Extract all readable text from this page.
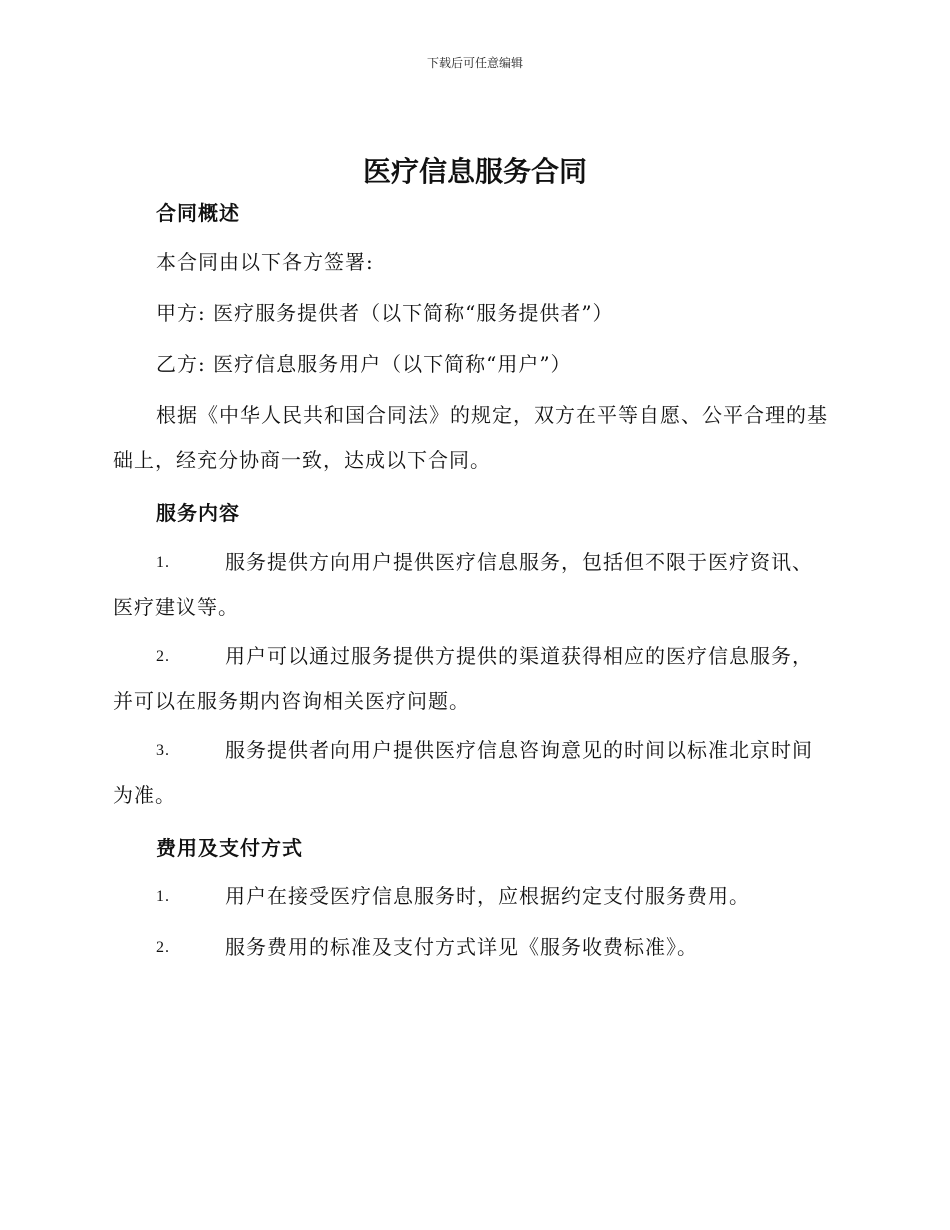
下载后可任意编辑
医疗信息服务合同
合同概述
本合同由以下各方签署:
甲方: 医疗服务提供者（以下简称“服务提供者”）
乙方: 医疗信息服务用户（以下简称“用户”）
根据《中华人民共和国合同法》的规定，双方在平等自愿、公平合理的基础上，经充分协商一致，达成以下合同。
服务内容
1.	服务提供方向用户提供医疗信息服务，包括但不限于医疗资讯、医疗建议等。
2.	用户可以通过服务提供方提供的渠道获得相应的医疗信息服务，并可以在服务期内咨询相关医疗问题。
3.	服务提供者向用户提供医疗信息咨询意见的时间以标准北京时间为准。
费用及支付方式
1.	用户在接受医疗信息服务时，应根据约定支付服务费用。
2.	服务费用的标准及支付方式详见《服务收费标准》。
